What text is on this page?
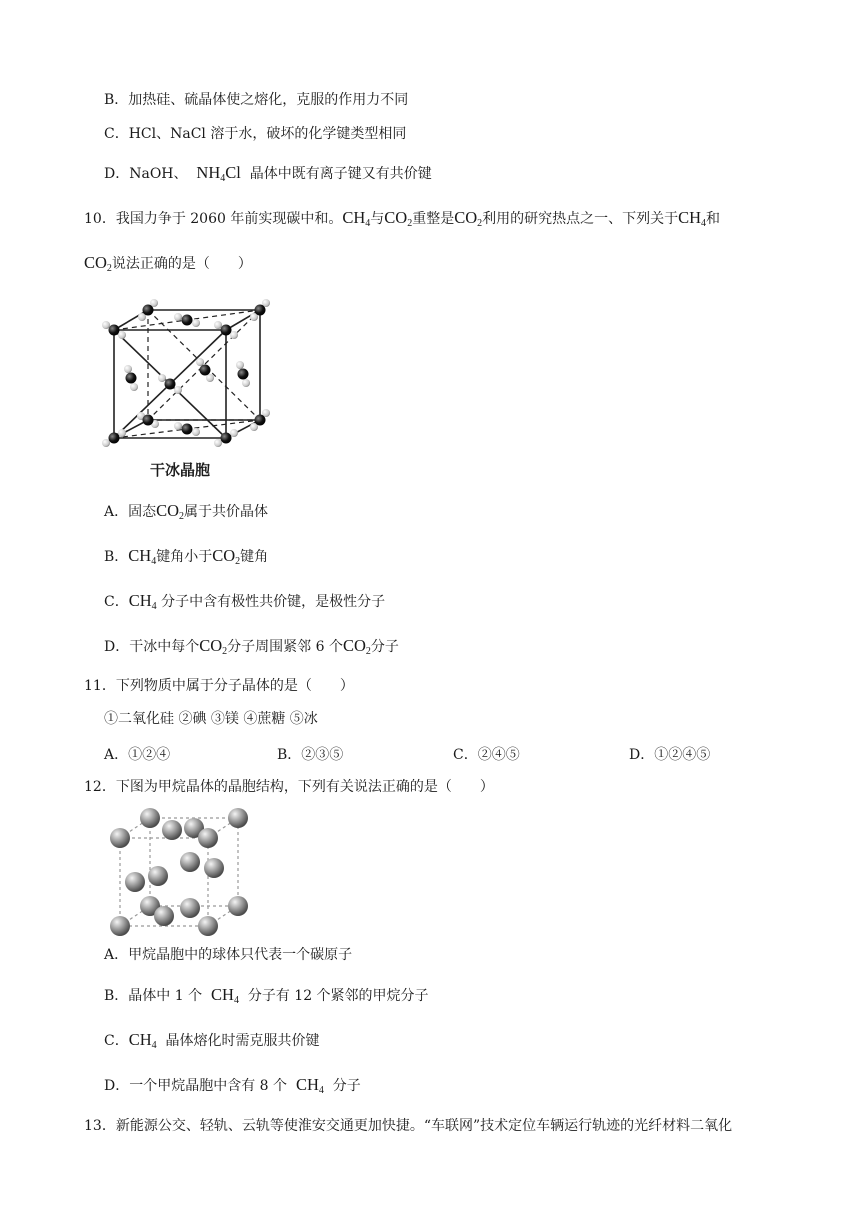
B．加热硅、硫晶体使之熔化，克服的作用力不同
C．HCl、NaCl 溶于水，破坏的化学键类型相同
D．NaOH、 $NH_4Cl$ 晶体中既有离子键又有共价键
10．我国力争于 2060 年前实现碳中和。$CH_4$与$CO_2$重整是$CO_2$利用的研究热点之一、下列关于$CH_4$和
$CO_2$说法正确的是（　　）
干冰晶胞
A．固态$CO_2$属于共价晶体
B．$CH_4$键角小于$CO_2$键角
C．$CH_4$ 分子中含有极性共价键，是极性分子
D．干冰中每个$CO_2$分子周围紧邻 6 个$CO_2$分子
11．下列物质中属于分子晶体的是（　　）
①二氧化硅 ②碘 ③镁 ④蔗糖 ⑤冰
A．①②④	B．②③⑤	C．②④⑤	D．①②④⑤
12．下图为甲烷晶体的晶胞结构，下列有关说法正确的是（　　）
A．甲烷晶胞中的球体只代表一个碳原子
B．晶体中 1 个 $CH_4$ 分子有 12 个紧邻的甲烷分子
C．$CH_4$ 晶体熔化时需克服共价键
D．一个甲烷晶胞中含有 8 个 $CH_4$ 分子
13．新能源公交、轻轨、云轨等使淮安交通更加快捷。“车联网”技术定位车辆运行轨迹的光纤材料二氧化
